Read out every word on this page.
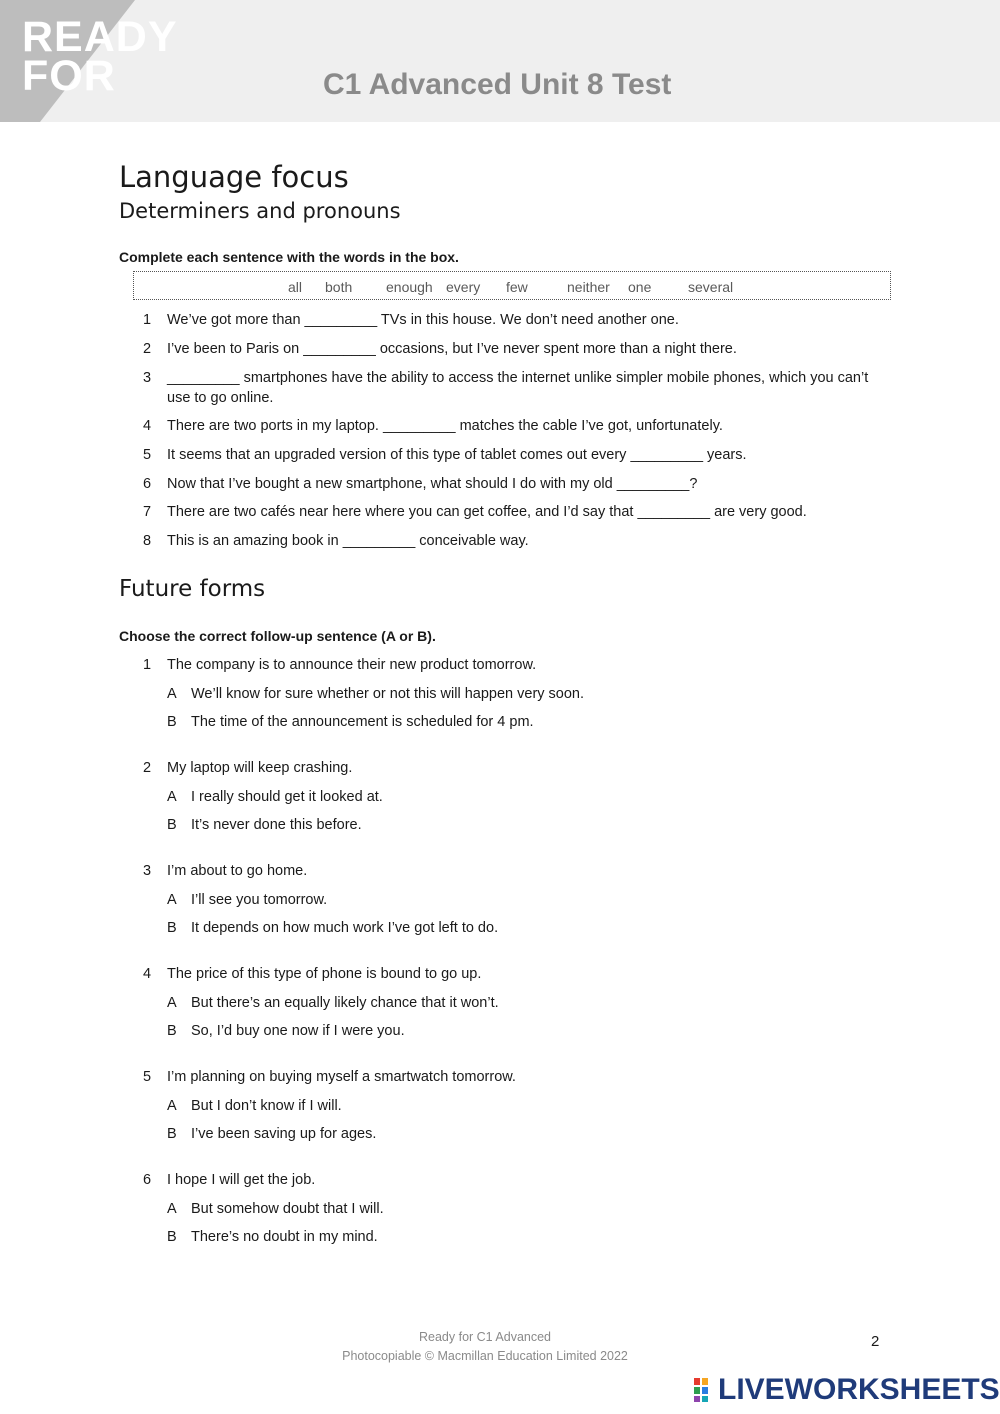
READY FOR	C1 Advanced Unit 8 Test
Language focus
Determiners and pronouns
Complete each sentence with the words in the box.
all both enough every few	neither one	several
1 We’ve got more than _________ TVs in this house. We don’t need another one.
2 I’ve been to Paris on _________ occasions, but I’ve never spent more than a night there.
3 _________ smartphones have the ability to access the internet unlike simpler mobile phones, which you can’t use to go online.
4 There are two ports in my laptop. _________ matches the cable I’ve got, unfortunately.
5 It seems that an upgraded version of this type of tablet comes out every _________ years.
6 Now that I’ve bought a new smartphone, what should I do with my old _________?
7 There are two cafés near here where you can get coffee, and I’d say that _________ are very good.
8 This is an amazing book in _________ conceivable way.
Future forms
Choose the correct follow-up sentence (A or B).
1 The company is to announce their new product tomorrow.
A We’ll know for sure whether or not this will happen very soon.
B The time of the announcement is scheduled for 4 pm.
2 My laptop will keep crashing.
A I really should get it looked at.
B It’s never done this before.
3 I’m about to go home.
A I’ll see you tomorrow.
B It depends on how much work I’ve got left to do.
4 The price of this type of phone is bound to go up.
A But there’s an equally likely chance that it won’t.
B So, I’d buy one now if I were you.
5 I’m planning on buying myself a smartwatch tomorrow.
A But I don’t know if I will.
B I’ve been saving up for ages.
6 I hope I will get the job.
A But somehow doubt that I will.
B There’s no doubt in my mind.
Ready for C1 Advanced
Photocopiable © Macmillan Education Limited 2022
2
LIVEWORKSHEETS
